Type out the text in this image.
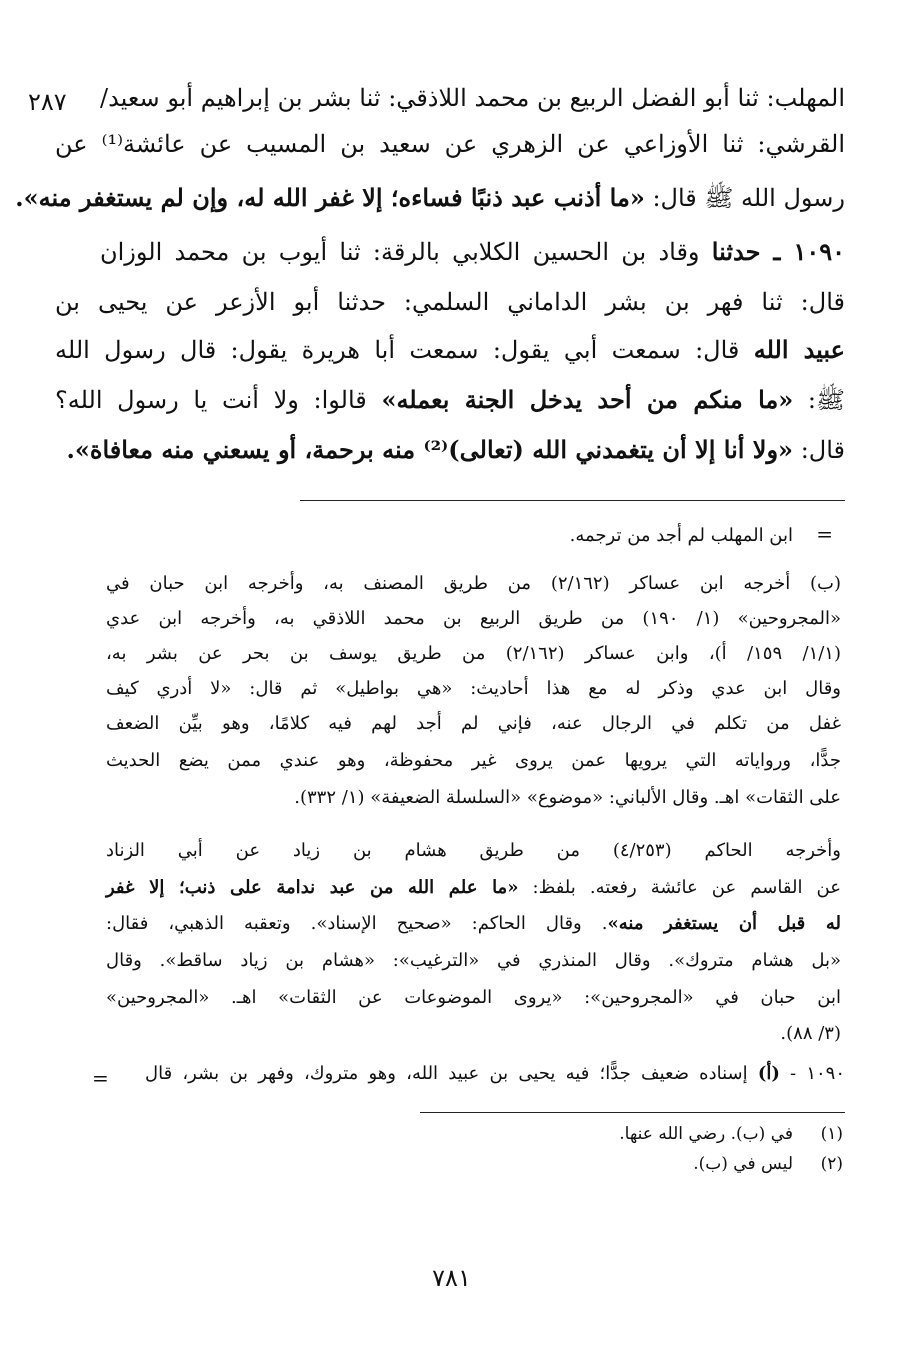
٢٨٧ المهلب: ثنا أبو الفضل الربيع بن محمد اللاذقي: ثنا بشر بن إبراهيم أبو سعيد/
القرشي: ثنا الأوزاعي عن الزهري عن سعيد بن المسيب عن عائشة⁽¹⁾ عن
رسول الله ﷺ قال: «ما أذنب عبد ذنبًا فساءه؛ إلا غفر الله له، وإن لم يستغفر منه».
١٠٩٠ ـ حدثنا وقاد بن الحسين الكلابي بالرقة: ثنا أيوب بن محمد الوزان
قال: ثنا فهر بن بشر الداماني السلمي: حدثنا أبو الأزعر عن يحيى بن
عبيد الله قال: سمعت أبي يقول: سمعت أبا هريرة يقول: قال رسول الله
ﷺ: «ما منكم من أحد يدخل الجنة بعمله» قالوا: ولا أنت يا رسول الله؟
قال: «ولا أنا إلا أن يتغمدني الله (تعالى)⁽²⁾ منه برحمة، أو يسعني منه معافاة».
=
ابن المهلب لم أجد من ترجمه.
(ب) أخرجه ابن عساكر (٢/١٦٢) من طريق المصنف به، وأخرجه ابن حبان في
«المجروحين» (١/ ١٩٠) من طريق الربيع بن محمد اللاذقي به، وأخرجه ابن عدي
(١/١/ ١٥٩/ أ)، وابن عساكر (٢/١٦٢) من طريق يوسف بن بحر عن بشر به،
وقال ابن عدي وذكر له مع هذا أحاديث: «هي بواطيل» ثم قال: «لا أدري كيف
غفل من تكلم في الرجال عنه، فإني لم أجد لهم فيه كلامًا، وهو بيِّن الضعف
جدًّا، ورواياته التي يرويها عمن يروى غير محفوظة، وهو عندي ممن يضع الحديث
على الثقات» اهـ. وقال الألباني: «موضوع» «السلسلة الضعيفة» (١/ ٣٣٢).
وأخرجه الحاكم (٤/٢٥٣) من طريق هشام بن زياد عن أبي الزناد
عن القاسم عن عائشة رفعته. بلفظ: «ما علم الله من عبد ندامة على ذنب؛ إلا غفر
له قبل أن يستغفر منه». وقال الحاكم: «صحيح الإسناد». وتعقبه الذهبي، فقال:
«بل هشام متروك». وقال المنذري في «الترغيب»: «هشام بن زياد ساقط». وقال
ابن حبان في «المجروحين»: «يروى الموضوعات عن الثقات» اهـ. «المجروحين»
(٣/ ٨٨).
١٠٩٠ - (أ) إسناده ضعيف جدًّا؛ فيه يحيى بن عبيد الله، وهو متروك، وفهر بن بشر، قال
=
(١)
في (ب). رضي الله عنها.
(٢)
ليس في (ب).
٧٨١
